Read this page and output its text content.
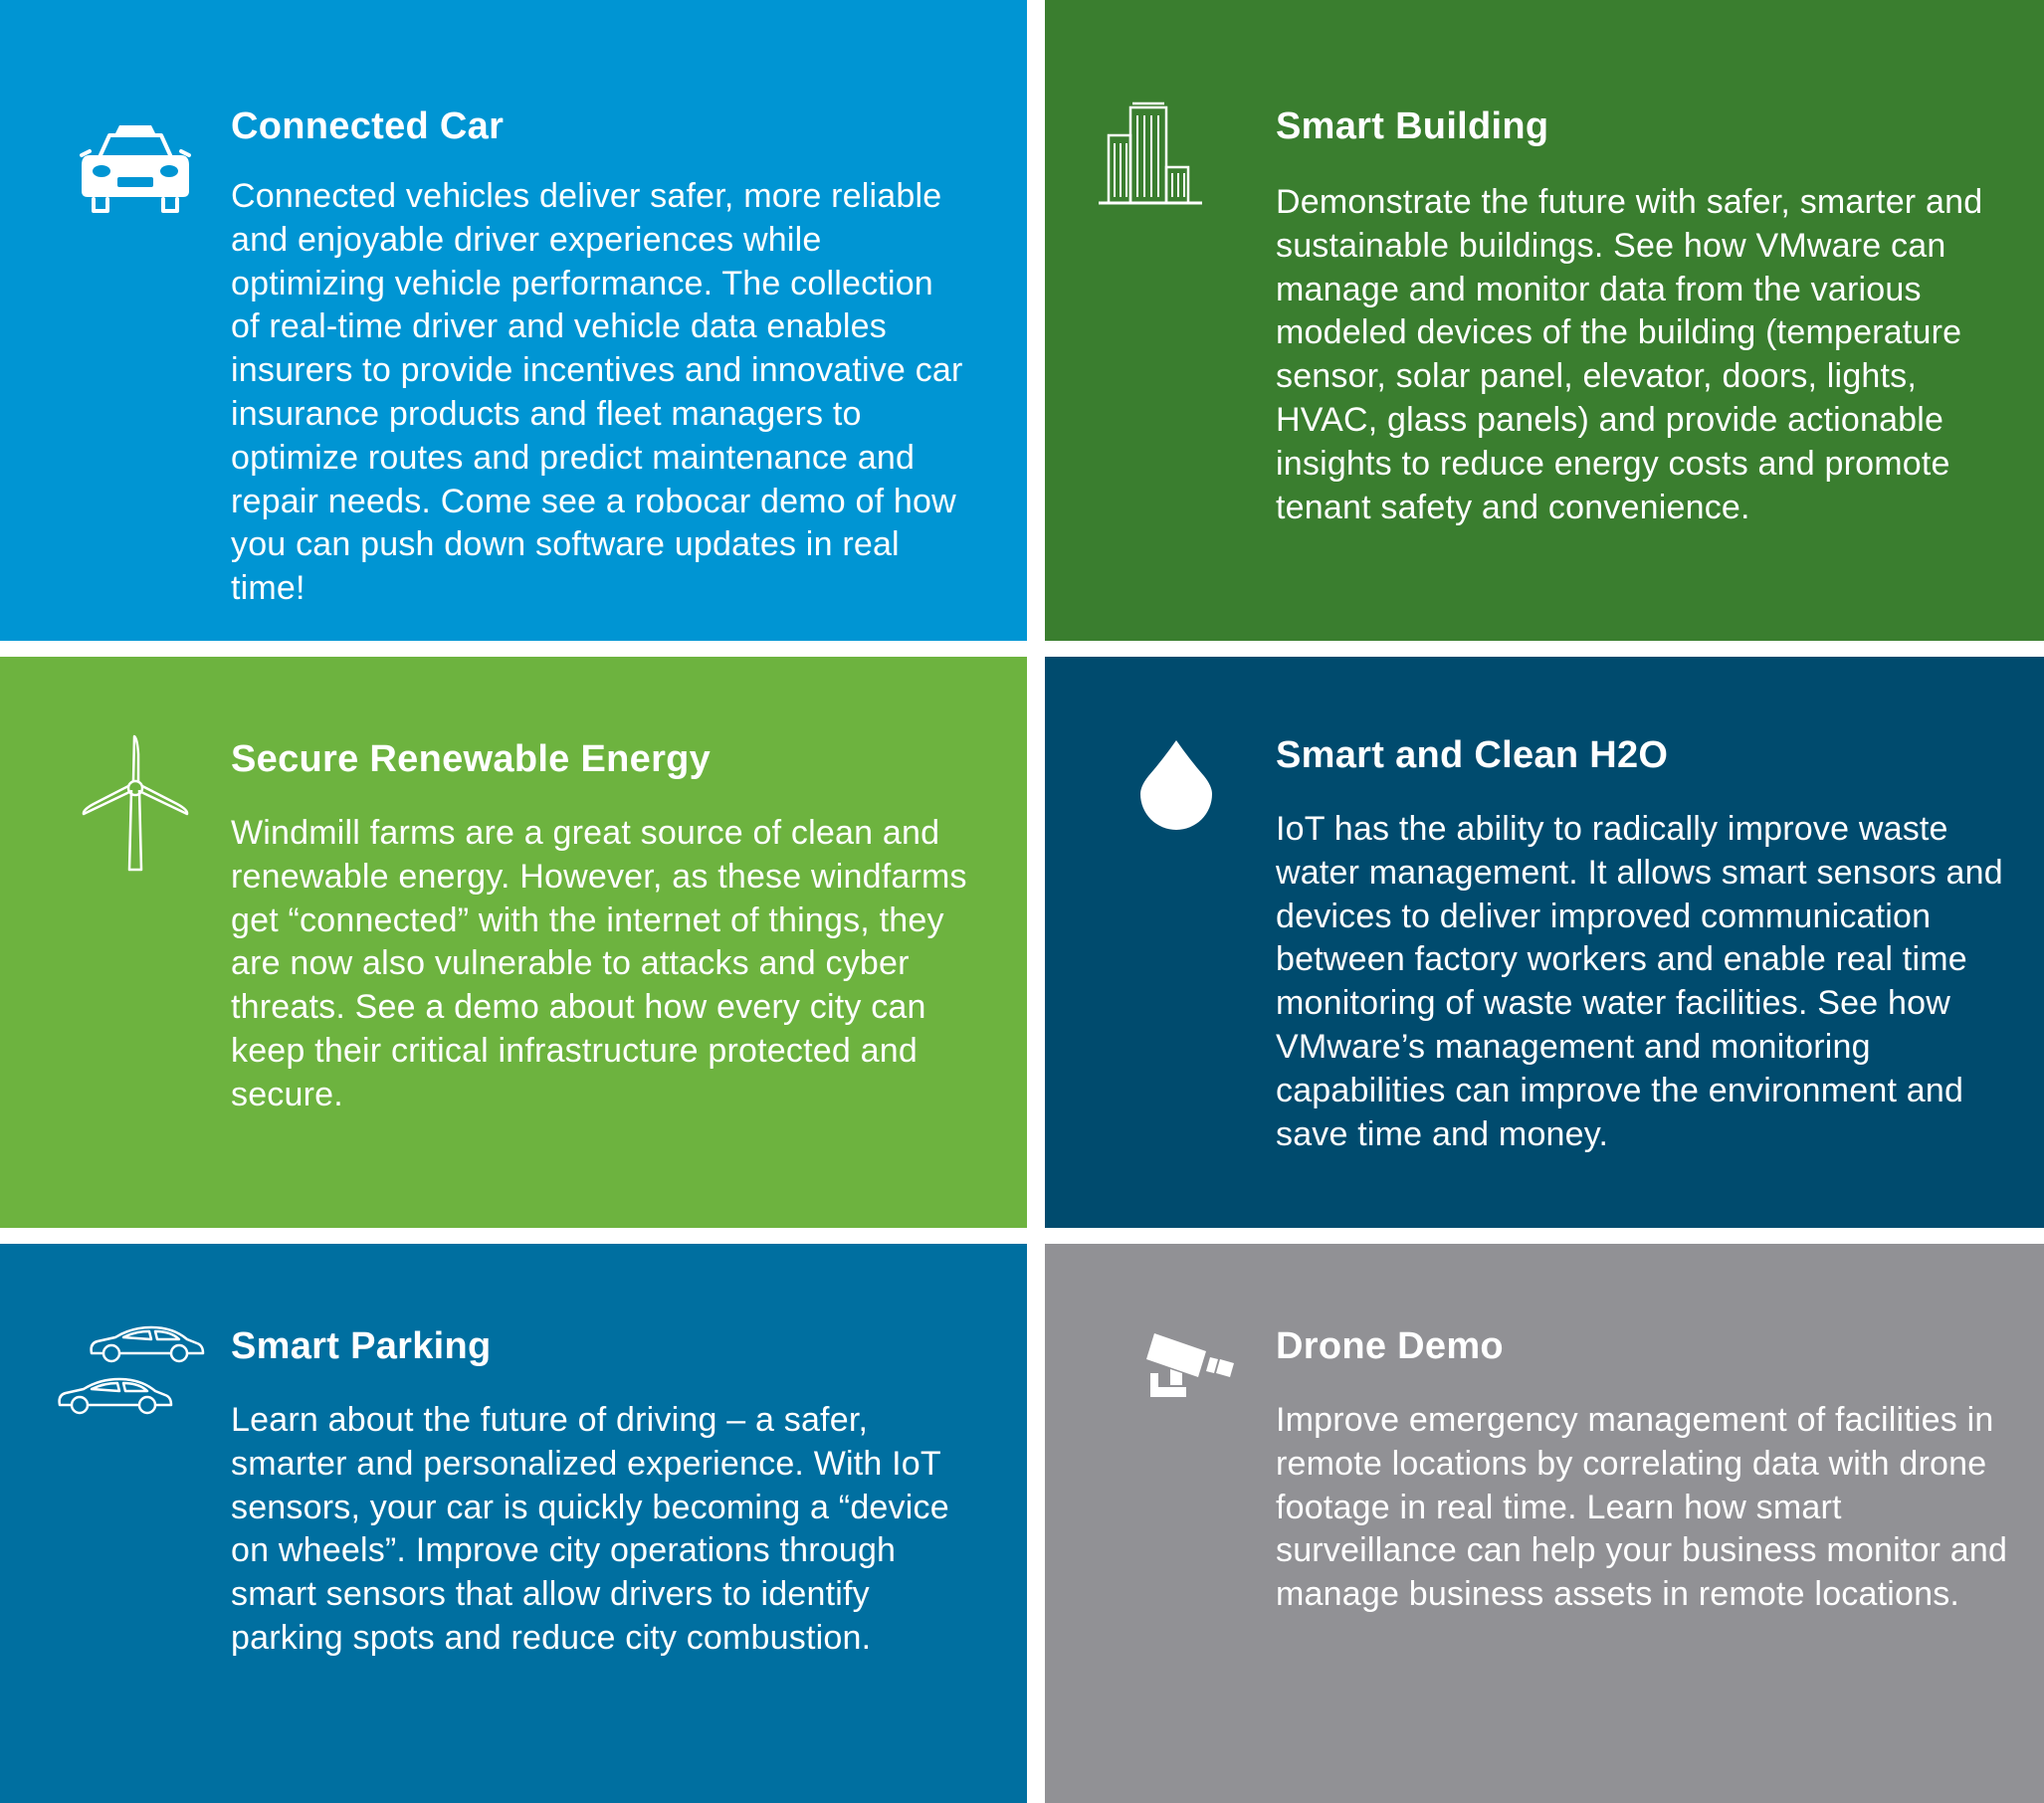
Connected Car

Connected vehicles deliver safer, more reliable and enjoyable driver experiences while optimizing vehicle performance. The collection of real-time driver and vehicle data enables insurers to provide incentives and innovative car insurance products and fleet managers to optimize routes and predict maintenance and repair needs. Come see a robocar demo of how you can push down software updates in real time!

Smart Building

Demonstrate the future with safer, smarter and sustainable buildings. See how VMware can manage and monitor data from the various modeled devices of the building (temperature sensor, solar panel, elevator, doors, lights, HVAC, glass panels) and provide actionable insights to reduce energy costs and promote tenant safety and convenience.

Secure Renewable Energy

Windmill farms are a great source of clean and renewable energy. However, as these windfarms get “connected” with the internet of things, they are now also vulnerable to attacks and cyber threats. See a demo about how every city can keep their critical infrastructure protected and secure.

Smart and Clean H2O

IoT has the ability to radically improve waste water management. It allows smart sensors and devices to deliver improved communication between factory workers and enable real time monitoring of waste water facilities. See how VMware’s management and monitoring capabilities can improve the environment and save time and money.

Smart Parking

Learn about the future of driving – a safer, smarter and personalized experience. With IoT sensors, your car is quickly becoming a “device on wheels”. Improve city operations through smart sensors that allow drivers to identify parking spots and reduce city combustion.

Drone Demo

Improve emergency management of facilities in remote locations by correlating data with drone footage in real time. Learn how smart surveillance can help your business monitor and manage business assets in remote locations.
